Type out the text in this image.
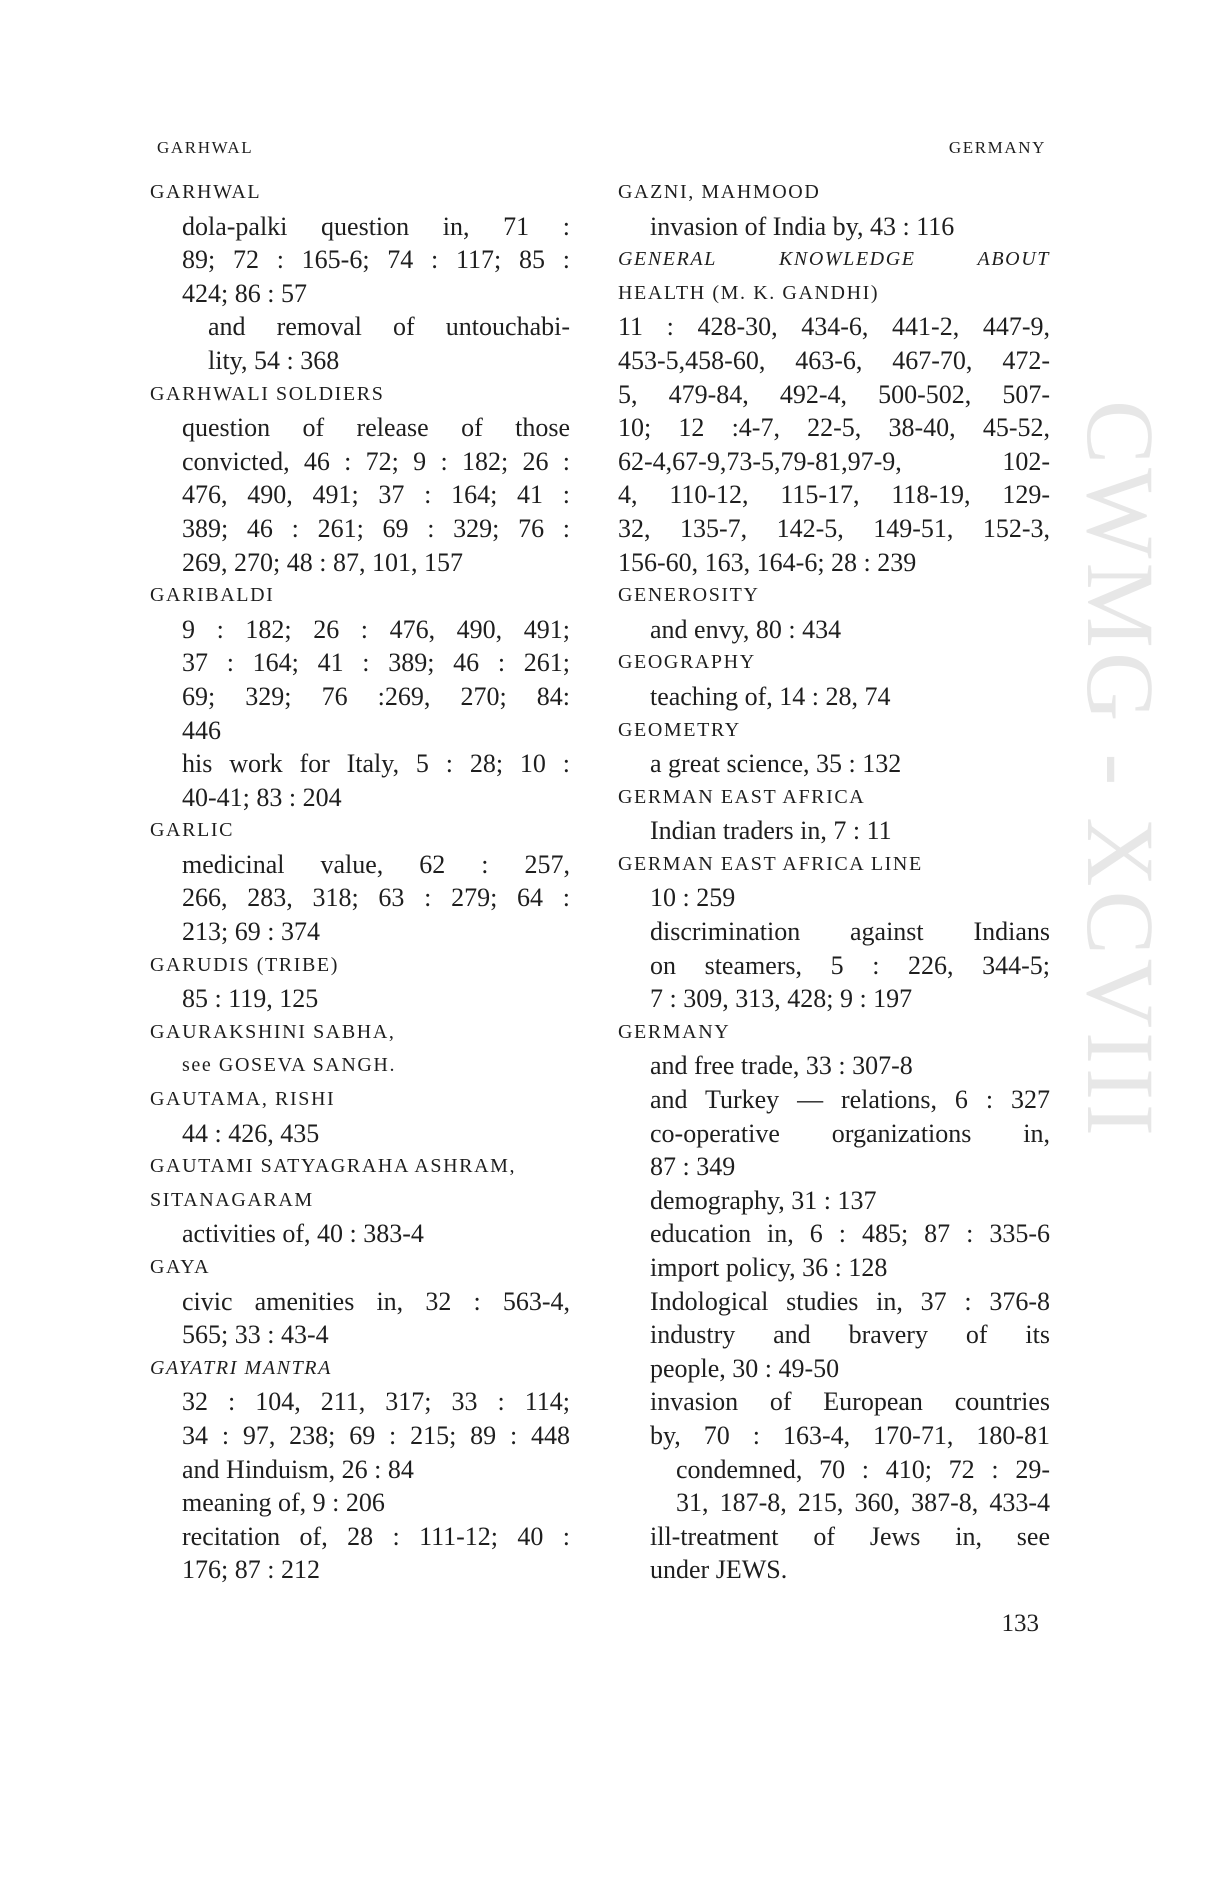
GARHWAL	GERMANY
CWMG - XCVIII
GARHWAL
dola-palki question in, 71 :
89; 72 : 165-6; 74 : 117; 85 :
424; 86 : 57
and removal of untouchabi-
lity, 54 : 368
GARHWALI SOLDIERS
question of release of those
convicted, 46 : 72; 9 : 182; 26 :
476, 490, 491; 37 : 164; 41 :
389; 46 : 261; 69 : 329; 76 :
269, 270; 48 : 87, 101, 157
GARIBALDI
9 : 182; 26 : 476, 490, 491;
37 : 164; 41 : 389; 46 : 261;
69; 329; 76 :269, 270; 84:
446
his work for Italy, 5 : 28; 10 :
40-41; 83 : 204
GARLIC
medicinal value, 62 : 257,
266, 283, 318; 63 : 279; 64 :
213; 69 : 374
GARUDIS (TRIBE)
85 : 119, 125
GAURAKSHINI SABHA,
see GOSEVA SANGH.
GAUTAMA, RISHI
44 : 426, 435
GAUTAMI SATYAGRAHA ASHRAM,
SITANAGARAM
activities of, 40 : 383-4
GAYA
civic amenities in, 32 : 563-4,
565; 33 : 43-4
GAYATRI MANTRA
32 : 104, 211, 317; 33 : 114;
34 : 97, 238; 69 : 215; 89 : 448
and Hinduism, 26 : 84
meaning of, 9 : 206
recitation of, 28 : 111-12; 40 :
176; 87 : 212
GAZNI, MAHMOOD
invasion of India by, 43 : 116
GENERAL KNOWLEDGE ABOUT
HEALTH (M. K. GANDHI)
11 : 428-30, 434-6, 441-2, 447-9,
453-5,458-60, 463-6, 467-70, 472-
5, 479-84, 492-4, 500-502, 507-
10; 12 :4-7, 22-5, 38-40, 45-52,
62-4,67-9,73-5,79-81,97-9, 102-
4, 110-12, 115-17, 118-19, 129-
32, 135-7, 142-5, 149-51, 152-3,
156-60, 163, 164-6; 28 : 239
GENEROSITY
and envy, 80 : 434
GEOGRAPHY
teaching of, 14 : 28, 74
GEOMETRY
a great science, 35 : 132
GERMAN EAST AFRICA
Indian traders in, 7 : 11
GERMAN EAST AFRICA LINE
10 : 259
discrimination against Indians
on steamers, 5 : 226, 344-5;
7 : 309, 313, 428; 9 : 197
GERMANY
and free trade, 33 : 307-8
and Turkey — relations, 6 : 327
co-operative organizations in,
87 : 349
demography, 31 : 137
education in, 6 : 485; 87 : 335-6
import policy, 36 : 128
Indological studies in, 37 : 376-8
industry and bravery of its
people, 30 : 49-50
invasion of European countries
by, 70 : 163-4, 170-71, 180-81
condemned, 70 : 410; 72 : 29-
31, 187-8, 215, 360, 387-8, 433-4
ill-treatment of Jews in, see
under JEWS.
133
